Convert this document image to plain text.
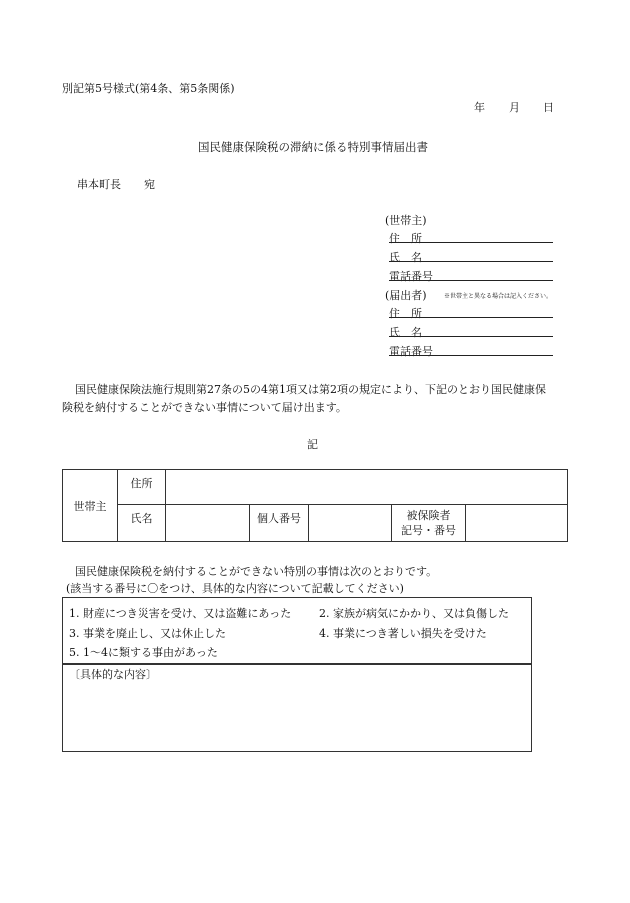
別記第5号様式(第4条、第5条関係)
年 月 日
国民健康保険税の滞納に係る特別事情届出書
串本町長 宛
(世帯主)
住　所
氏　名
電話番号
(届出者)	※世帯主と異なる場合は記入ください。
住　所
氏　名
電話番号
国民健康保険法施行規則第27条の5の4第1項又は第2項の規定により、下記のとおり国民健康保
険税を納付することができない事情について届け出ます。
記
世帯主	住所					
	氏名		個人番号		被保険者
記号・番号	

国民健康保険税を納付することができない特別の事情は次のとおりです。
(該当する番号に〇をつけ、具体的な内容について記載してください)
1. 財産につき災害を受け、又は盗難にあった	2. 家族が病気にかかり、又は負傷した
3. 事業を廃止し、又は休止した	4. 事業につき著しい損失を受けた
5. 1～4に類する事由があった
〔具体的な内容〕
